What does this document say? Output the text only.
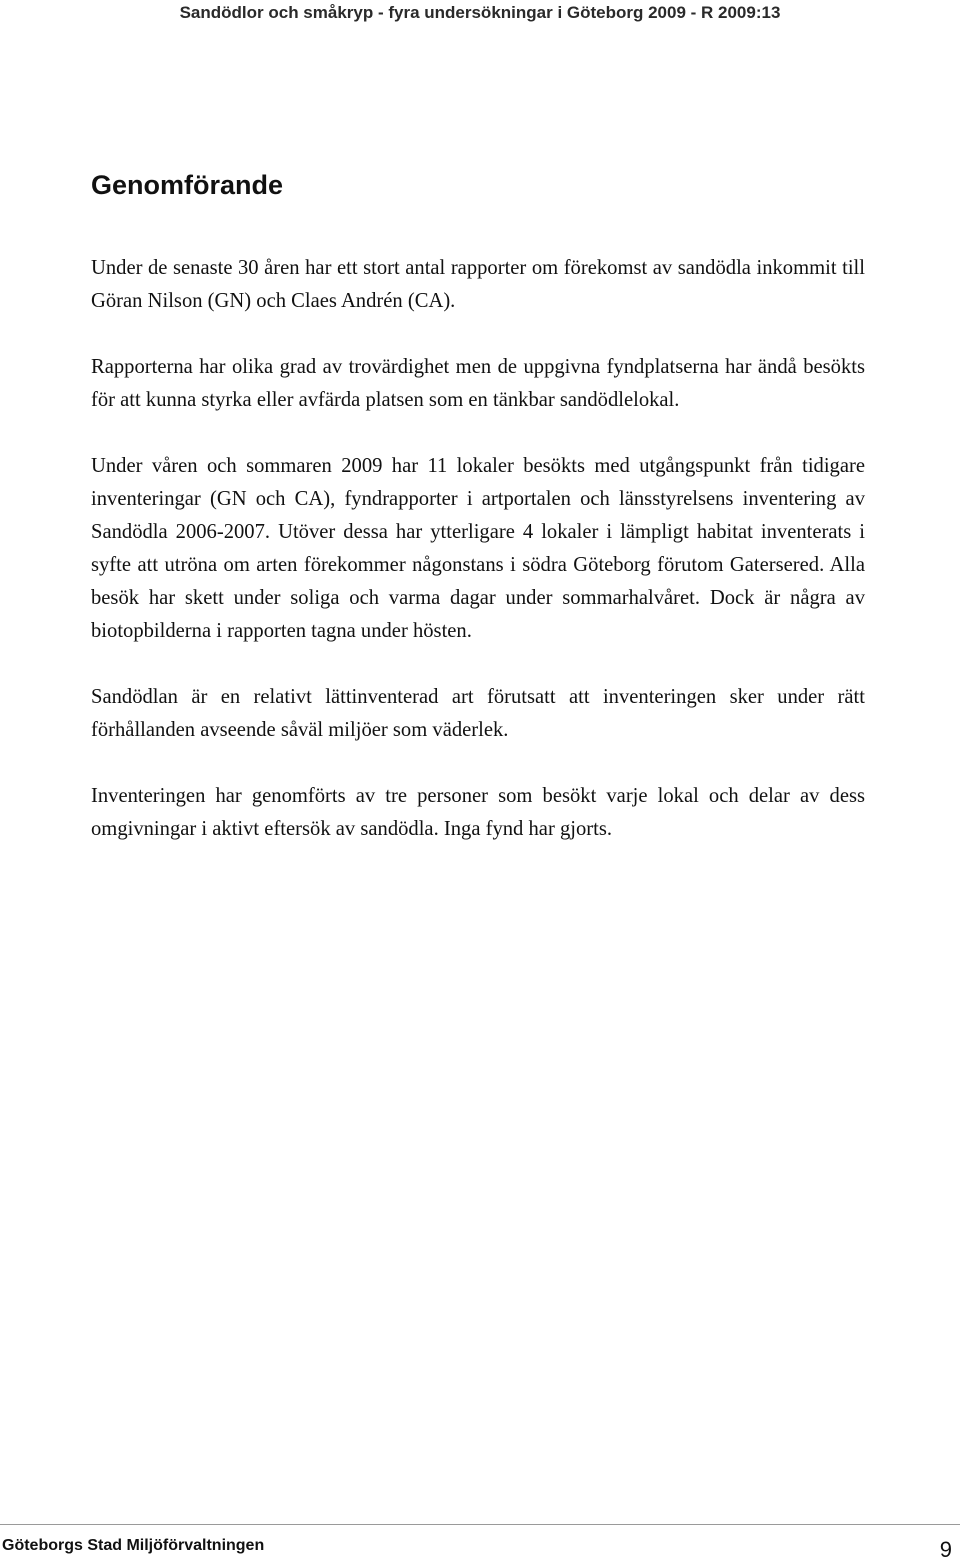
Sandödlor och småkryp - fyra undersökningar i Göteborg 2009 - R 2009:13
Genomförande

Under de senaste 30 åren har ett stort antal rapporter om förekomst av sandödla inkommit till Göran Nilson (GN) och Claes Andrén (CA).

Rapporterna har olika grad av trovärdighet men de uppgivna fyndplatserna har ändå besökts för att kunna styrka eller avfärda platsen som en tänkbar sandödlelokal.

Under våren och sommaren 2009 har 11 lokaler besökts med utgångspunkt från tidigare inventeringar (GN och CA), fyndrapporter i artportalen och länsstyrelsens inventering av Sandödla 2006-2007. Utöver dessa har ytterligare 4 lokaler i lämpligt habitat inventerats i syfte att utröna om arten förekommer någonstans i södra Göteborg förutom Gatersered. Alla besök har skett under soliga och varma dagar under sommarhalvåret. Dock är några av biotopbilderna i rapporten tagna under hösten.

Sandödlan är en relativt lättinventerad art förutsatt att inventeringen sker under rätt förhållanden avseende såväl miljöer som väderlek.

Inventeringen har genomförts av tre personer som besökt varje lokal och delar av dess omgivningar i aktivt eftersök av sandödla. Inga fynd har gjorts.

Göteborgs Stad Miljöförvaltningen	9
